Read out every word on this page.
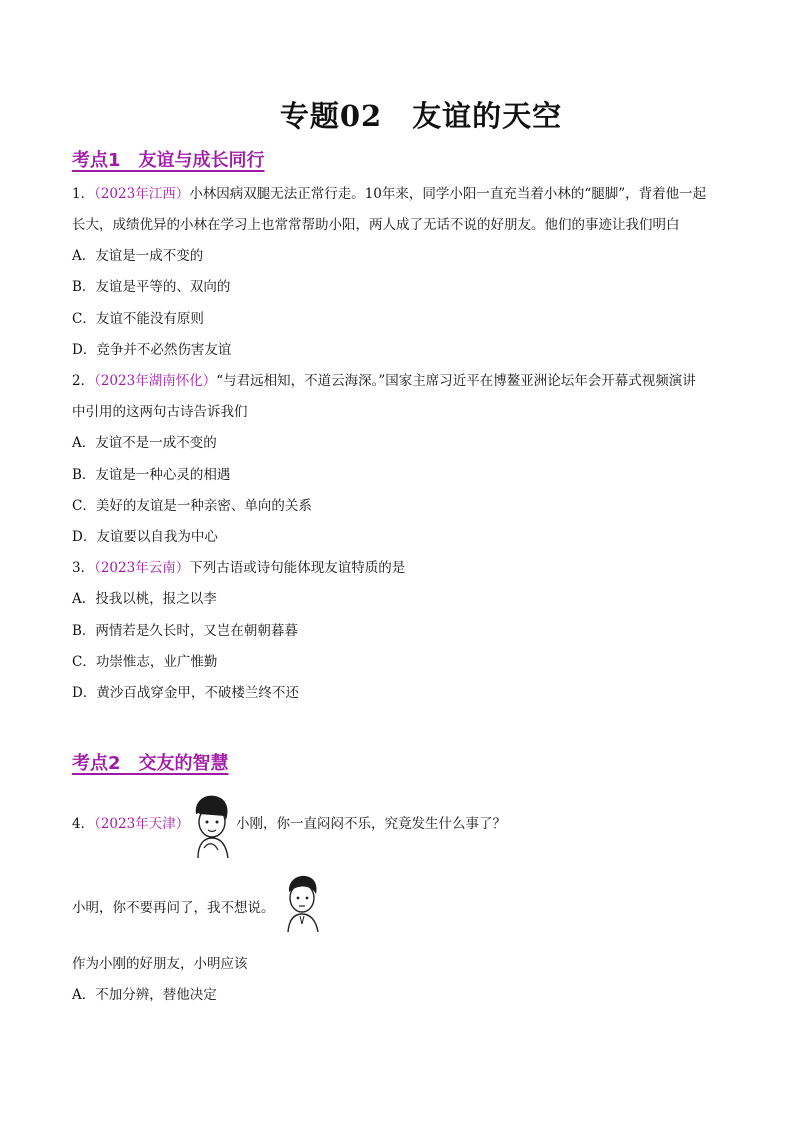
专题02　友谊的天空
考点1　友谊与成长同行
1．（2023年江西）小林因病双腿无法正常行走。10年来，同学小阳一直充当着小林的“腿脚”，背着他一起
长大，成绩优异的小林在学习上也常常帮助小阳，两人成了无话不说的好朋友。他们的事迹让我们明白
A．友谊是一成不变的
B．友谊是平等的、双向的
C．友谊不能没有原则
D．竞争并不必然伤害友谊
2．（2023年湖南怀化）“与君远相知，不道云海深。”国家主席习近平在博鳌亚洲论坛年会开幕式视频演讲
中引用的这两句古诗告诉我们
A．友谊不是一成不变的
B．友谊是一种心灵的相遇
C．美好的友谊是一种亲密、单向的关系
D．友谊要以自我为中心
3．（2023年云南）下列古语或诗句能体现友谊特质的是
A．投我以桃，报之以李
B．两情若是久长时，又岂在朝朝暮暮
C．功崇惟志，业广惟勤
D．黄沙百战穿金甲，不破楼兰终不还
考点2　交友的智慧
4．（2023年天津）	小刚，你一直闷闷不乐，究竟发生什么事了？
小明，你不要再问了，我不想说。
作为小刚的好朋友，小明应该
A．不加分辨，替他决定
